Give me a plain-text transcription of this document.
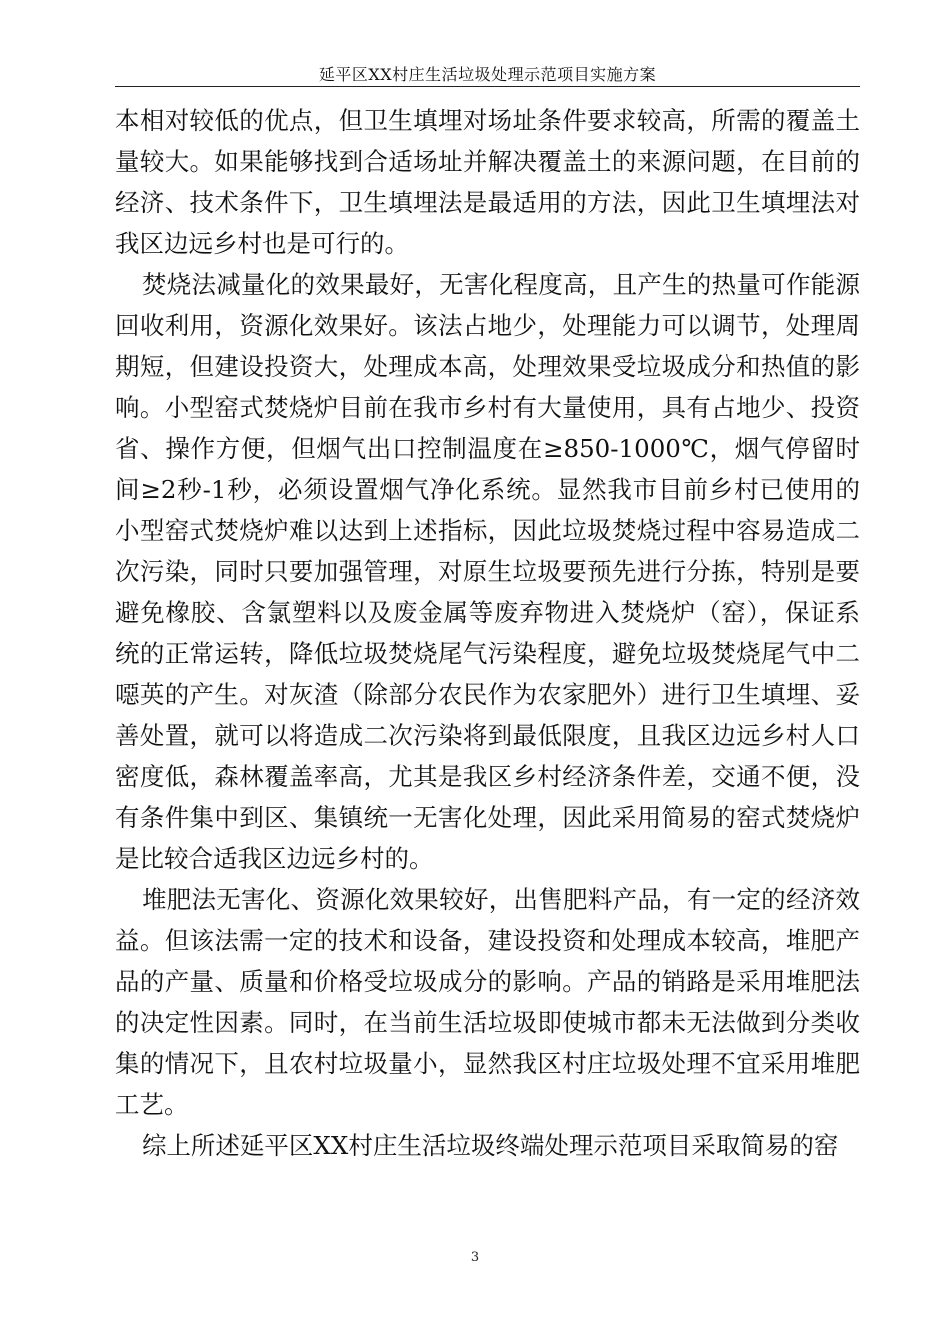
延平区XX村庄生活垃圾处理示范项目实施方案

本相对较低的优点，但卫生填埋对场址条件要求较高，所需的覆盖土量较大。如果能够找到合适场址并解决覆盖土的来源问题，在目前的经济、技术条件下，卫生填埋法是最适用的方法，因此卫生填埋法对我区边远乡村也是可行的。

焚烧法减量化的效果最好，无害化程度高，且产生的热量可作能源回收利用，资源化效果好。该法占地少，处理能力可以调节，处理周期短，但建设投资大，处理成本高，处理效果受垃圾成分和热值的影响。小型窑式焚烧炉目前在我市乡村有大量使用，具有占地少、投资省、操作方便，但烟气出口控制温度在≥850-1000℃，烟气停留时间≥2秒-1秒，必须设置烟气净化系统。显然我市目前乡村已使用的小型窑式焚烧炉难以达到上述指标，因此垃圾焚烧过程中容易造成二次污染，同时只要加强管理，对原生垃圾要预先进行分拣，特别是要避免橡胶、含氯塑料以及废金属等废弃物进入焚烧炉（窑），保证系统的正常运转，降低垃圾焚烧尾气污染程度，避免垃圾焚烧尾气中二噁英的产生。对灰渣（除部分农民作为农家肥外）进行卫生填埋、妥善处置，就可以将造成二次污染将到最低限度，且我区边远乡村人口密度低，森林覆盖率高，尤其是我区乡村经济条件差，交通不便，没有条件集中到区、集镇统一无害化处理，因此采用简易的窑式焚烧炉是比较合适我区边远乡村的。

堆肥法无害化、资源化效果较好，出售肥料产品，有一定的经济效益。但该法需一定的技术和设备，建设投资和处理成本较高，堆肥产品的产量、质量和价格受垃圾成分的影响。产品的销路是采用堆肥法的决定性因素。同时，在当前生活垃圾即使城市都未无法做到分类收集的情况下，且农村垃圾量小，显然我区村庄垃圾处理不宜采用堆肥工艺。

综上所述延平区XX村庄生活垃圾终端处理示范项目采取简易的窑

3
